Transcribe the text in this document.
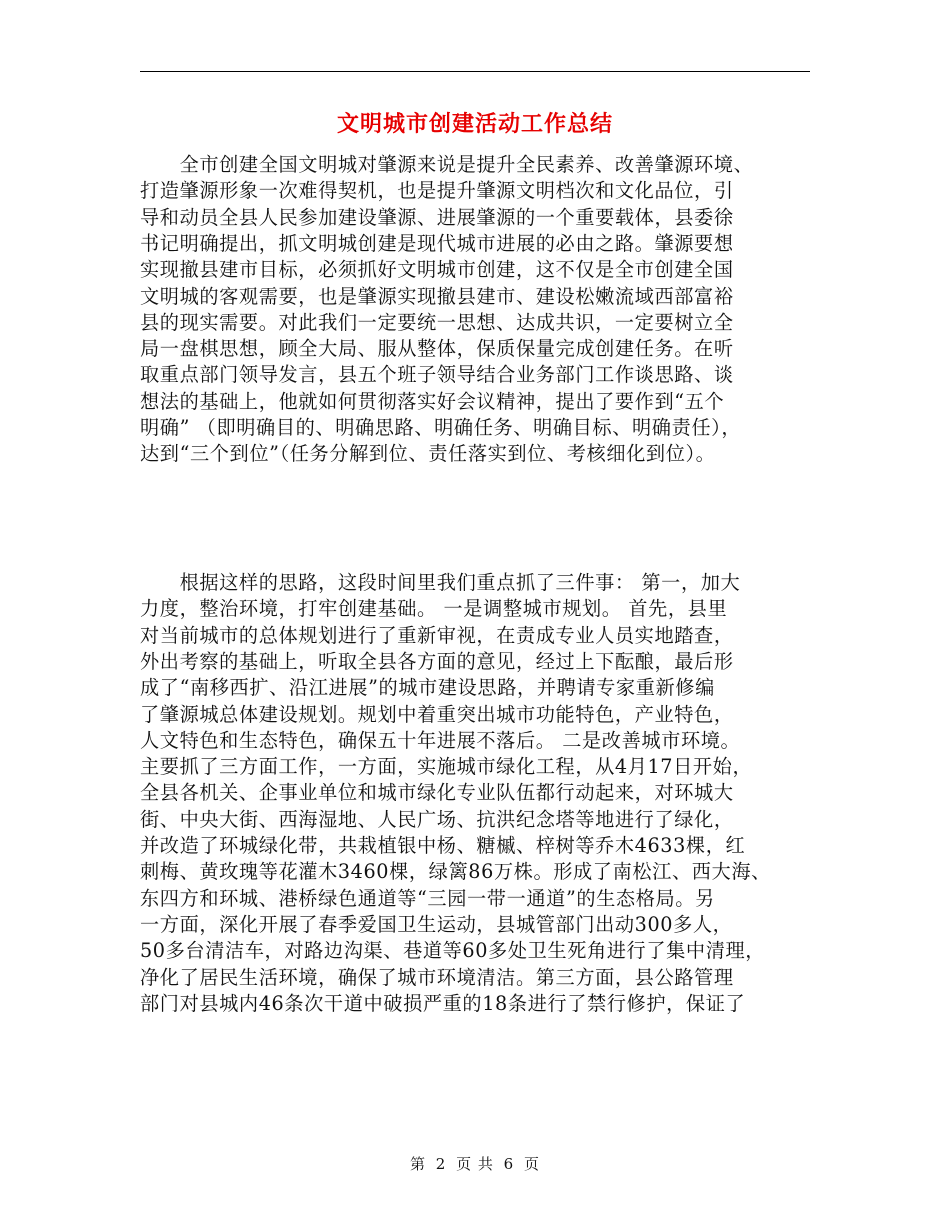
文明城市创建活动工作总结
　　全市创建全国文明城对肇源来说是提升全民素养、改善肇源环境、
打造肇源形象一次难得契机，也是提升肇源文明档次和文化品位，引
导和动员全县人民参加建设肇源、进展肇源的一个重要载体，县委徐
书记明确提出，抓文明城创建是现代城市进展的必由之路。肇源要想
实现撤县建市目标，必须抓好文明城市创建，这不仅是全市创建全国
文明城的客观需要，也是肇源实现撤县建市、建设松嫩流域西部富裕
县的现实需要。对此我们一定要统一思想、达成共识，一定要树立全
局一盘棋思想，顾全大局、服从整体，保质保量完成创建任务。在听
取重点部门领导发言，县五个班子领导结合业务部门工作谈思路、谈
想法的基础上，他就如何贯彻落实好会议精神，提出了要作到“五个
明确” （即明确目的、明确思路、明确任务、明确目标、明确责任），
达到“三个到位”（任务分解到位、责任落实到位、考核细化到位）。
　　根据这样的思路，这段时间里我们重点抓了三件事： 第一，加大
力度，整治环境，打牢创建基础。 一是调整城市规划。 首先，县里
对当前城市的总体规划进行了重新审视，在责成专业人员实地踏查，
外出考察的基础上，听取全县各方面的意见，经过上下酝酿，最后形
成了“南移西扩、沿江进展”的城市建设思路，并聘请专家重新修编
了肇源城总体建设规划。规划中着重突出城市功能特色，产业特色，
人文特色和生态特色，确保五十年进展不落后。 二是改善城市环境。
主要抓了三方面工作，一方面，实施城市绿化工程，从4月17日开始，
全县各机关、企事业单位和城市绿化专业队伍都行动起来，对环城大
街、中央大街、西海湿地、人民广场、抗洪纪念塔等地进行了绿化，
并改造了环城绿化带，共栽植银中杨、糖槭、梓树等乔木4633棵，红
刺梅、黄玫瑰等花灌木3460棵，绿篱86万株。形成了南松江、西大海、
东四方和环城、港桥绿色通道等“三园一带一通道”的生态格局。另
一方面，深化开展了春季爱国卫生运动，县城管部门出动300多人，
50多台清洁车，对路边沟渠、巷道等60多处卫生死角进行了集中清理，
净化了居民生活环境，确保了城市环境清洁。第三方面，县公路管理
部门对县城内46条次干道中破损严重的18条进行了禁行修护，保证了
第 2 页 共 6 页
